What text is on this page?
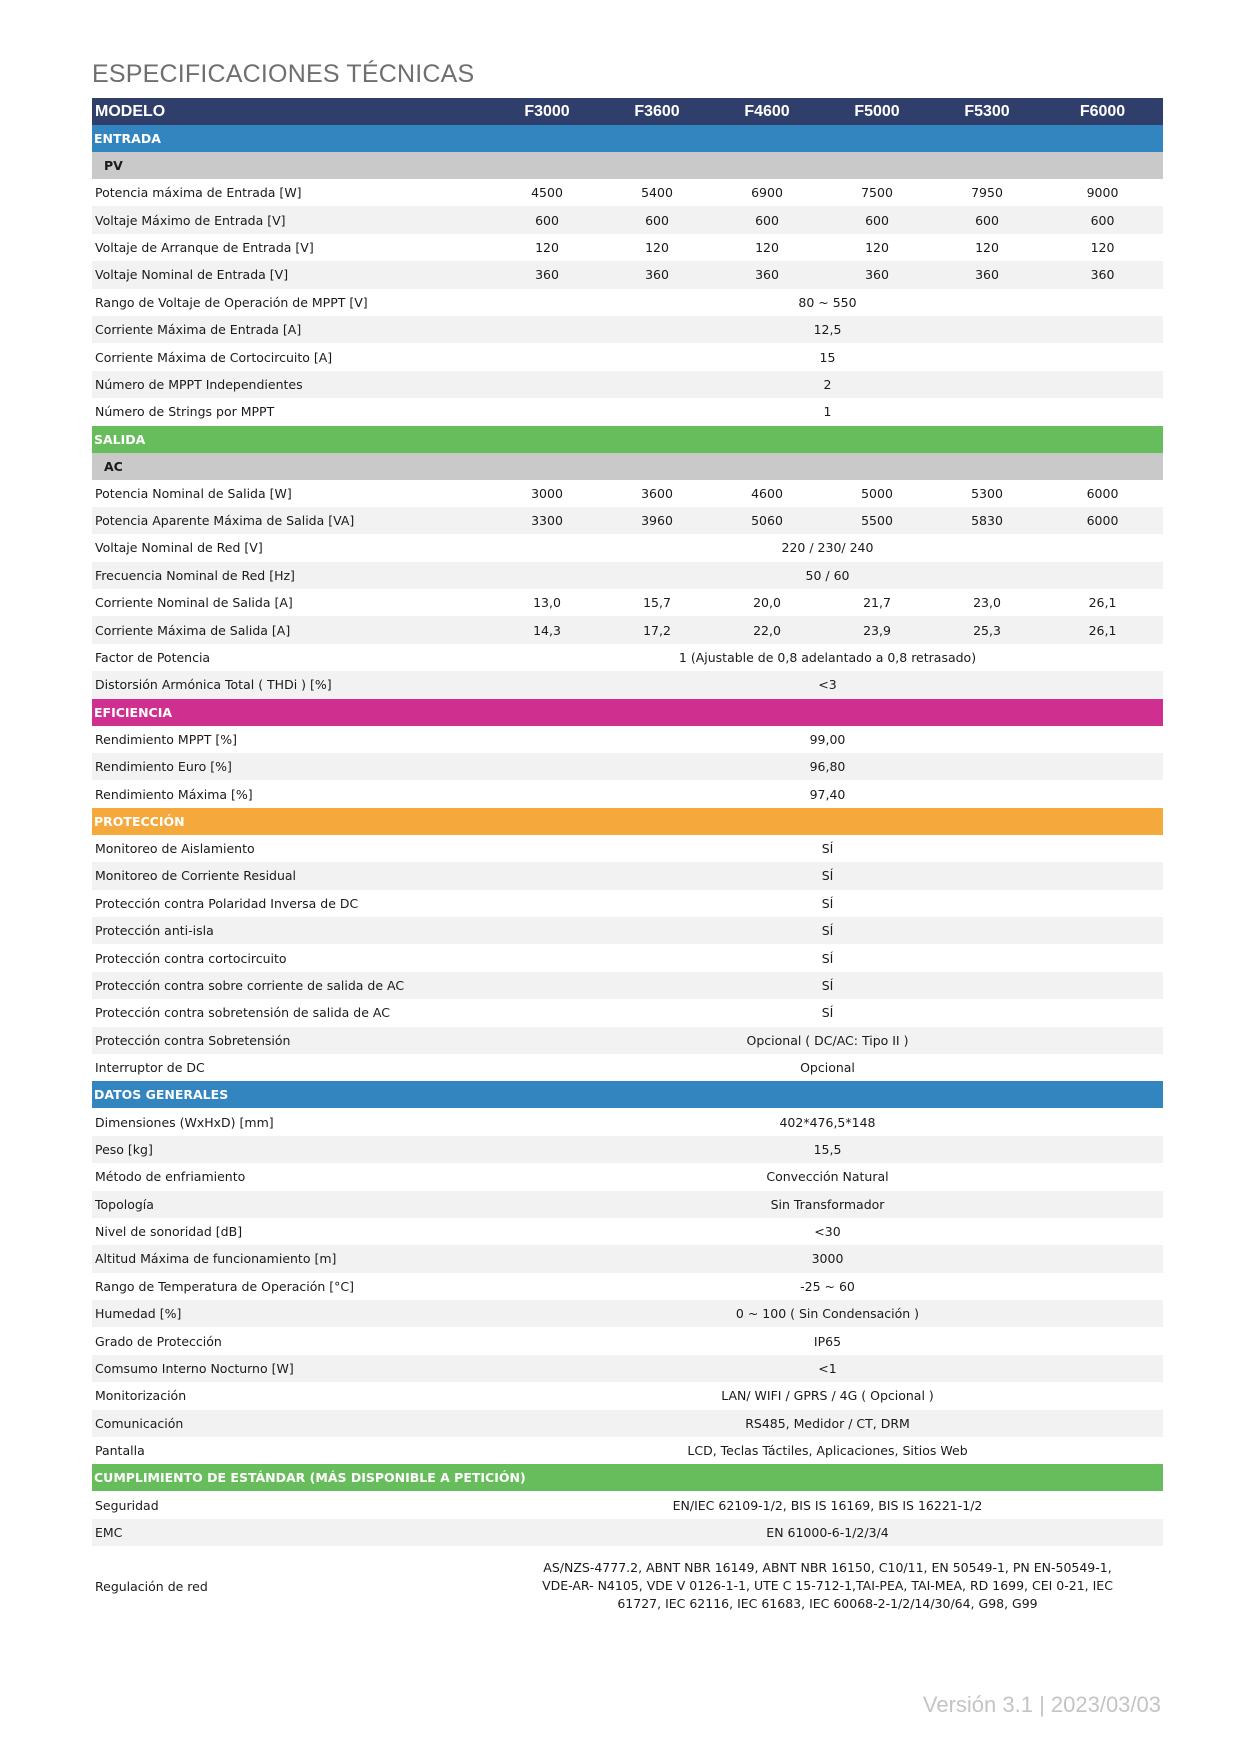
ESPECIFICACIONES TÉCNICAS
MODELO	F3000	F3600	F4600	F5000	F5300	F6000
ENTRADA						
PV						
Potencia máxima de Entrada [W]	4500	5400	6900	7500	7950	9000
Voltaje Máximo de Entrada [V]	600	600	600	600	600	600
Voltaje de Arranque de Entrada [V]	120	120	120	120	120	120
Voltaje Nominal de Entrada [V]	360	360	360	360	360	360
Rango de Voltaje de Operación de MPPT [V]	80 ~ 550					
Corriente Máxima de Entrada [A]	12,5					
Corriente Máxima de Cortocircuito [A]	15					
Número de MPPT Independientes	2					
Número de Strings por MPPT	1					
SALIDA						
AC						
Potencia Nominal de Salida [W]	3000	3600	4600	5000	5300	6000
Potencia Aparente Máxima de Salida [VA]	3300	3960	5060	5500	5830	6000
Voltaje Nominal de Red [V]	220 / 230/ 240					
Frecuencia Nominal de Red [Hz]	50 / 60					
Corriente Nominal de Salida [A]	13,0	15,7	20,0	21,7	23,0	26,1
Corriente Máxima de Salida [A]	14,3	17,2	22,0	23,9	25,3	26,1
Factor de Potencia	1 (Ajustable de 0,8 adelantado a 0,8 retrasado)					
Distorsión Armónica Total ( THDi ) [%]	<3					
EFICIENCIA						
Rendimiento MPPT [%]	99,00					
Rendimiento Euro [%]	96,80					
Rendimiento Máxima [%]	97,40					
PROTECCIÓN						
Monitoreo de Aislamiento	SÍ					
Monitoreo de Corriente Residual	SÍ					
Protección contra Polaridad Inversa de DC	SÍ					
Protección anti-isla	SÍ					
Protección contra cortocircuito	SÍ					
Protección contra sobre corriente de salida de AC	SÍ					
Protección contra sobretensión de salida de AC	SÍ					
Protección contra Sobretensión	Opcional ( DC/AC: Tipo II )					
Interruptor de DC	Opcional					
DATOS GENERALES						
Dimensiones (WxHxD) [mm]	402*476,5*148					
Peso [kg]	15,5					
Método de enfriamiento	Convección Natural					
Topología	Sin Transformador					
Nivel de sonoridad [dB]	<30					
Altitud Máxima de funcionamiento [m]	3000					
Rango de Temperatura de Operación [°C]	-25 ~ 60					
Humedad [%]	0 ~ 100 ( Sin Condensación )					
Grado de Protección	IP65					
Comsumo Interno Nocturno [W]	<1					
Monitorización	LAN/ WIFI / GPRS / 4G ( Opcional )					
Comunicación	RS485, Medidor / CT, DRM					
Pantalla	LCD, Teclas Táctiles, Aplicaciones, Sitios Web					
CUMPLIMIENTO DE ESTÁNDAR (MÁS DISPONIBLE A PETICIÓN)						
Seguridad	EN/IEC 62109-1/2, BIS IS 16169, BIS IS 16221-1/2					
EMC	EN 61000-6-1/2/3/4					
Regulación de red	AS/NZS-4777.2, ABNT NBR 16149, ABNT NBR 16150, C10/11, EN 50549-1, PN EN-50549-1, VDE-AR- N4105, VDE V 0126-1-1, UTE C 15-712-1,TAI-PEA, TAI-MEA, RD 1699, CEI 0-21, IEC 61727, IEC 62116, IEC 61683, IEC 60068-2-1/2/14/30/64, G98, G99					
Versión 3.1 | 2023/03/03
